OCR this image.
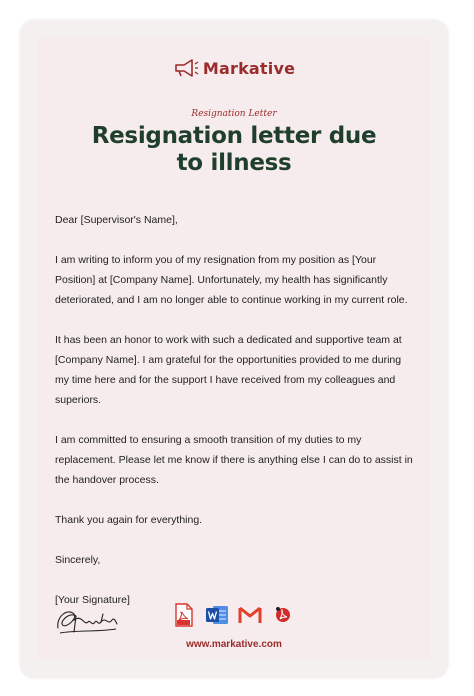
Markative
Resignation Letter
Resignation letter due
to illness

Dear [Supervisor's Name],

I am writing to inform you of my resignation from my position as [Your Position] at [Company Name]. Unfortunately, my health has significantly deteriorated, and I am no longer able to continue working in my current role.

It has been an honor to work with such a dedicated and supportive team at [Company Name]. I am grateful for the opportunities provided to me during my time here and for the support I have received from my colleagues and superiors.

I am committed to ensuring a smooth transition of my duties to my replacement. Please let me know if there is anything else I can do to assist in the handover process.

Thank you again for everything.

Sincerely,

[Your Signature]

www.markative.com
